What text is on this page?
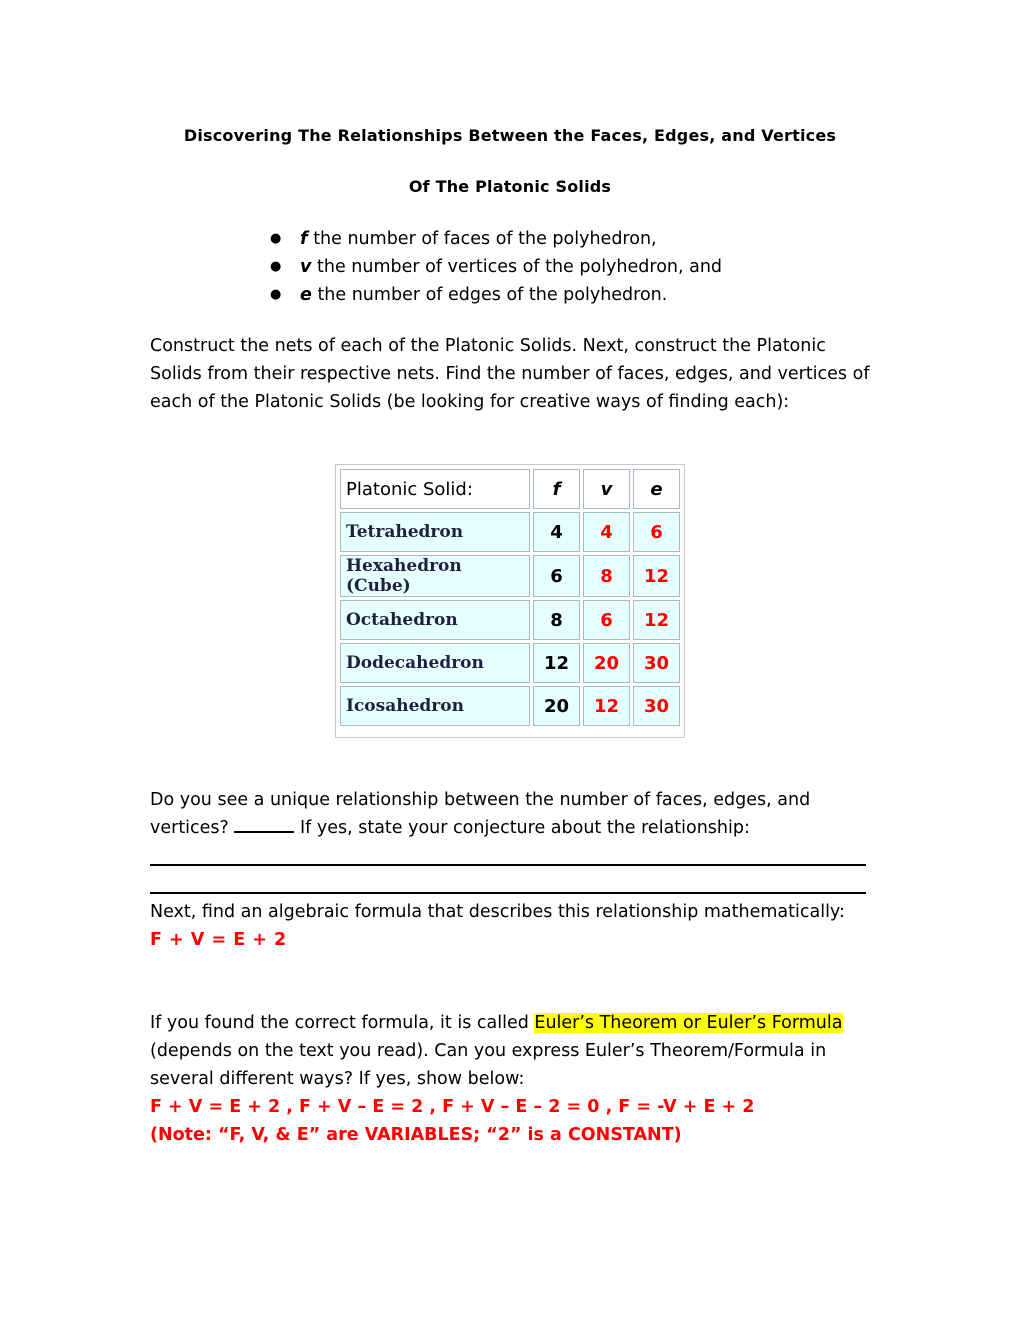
Discovering The Relationships Between the Faces, Edges, and Vertices
Of The Platonic Solids
● f the number of faces of the polyhedron,
● v the number of vertices of the polyhedron, and
● e the number of edges of the polyhedron.
Construct the nets of each of the Platonic Solids. Next, construct the Platonic Solids from their respective nets. Find the number of faces, edges, and vertices of each of the Platonic Solids (be looking for creative ways of finding each):
Platonic Solid:	f	v	e
Tetrahedron	4	4	6
Hexahedron (Cube)	6	8	12
Octahedron	8	6	12
Dodecahedron	12	20	30
Icosahedron	20	12	30
Do you see a unique relationship between the number of faces, edges, and vertices?	If yes, state your conjecture about the relationship:
Next, find an algebraic formula that describes this relationship mathematically:
F + V = E + 2
If you found the correct formula, it is called Euler’s Theorem or Euler’s Formula (depends on the text you read). Can you express Euler’s Theorem/Formula in several different ways? If yes, show below:
F + V = E + 2 , F + V – E = 2 , F + V – E – 2 = 0 , F = -V + E + 2
(Note: “F, V, & E” are VARIABLES; “2” is a CONSTANT)
